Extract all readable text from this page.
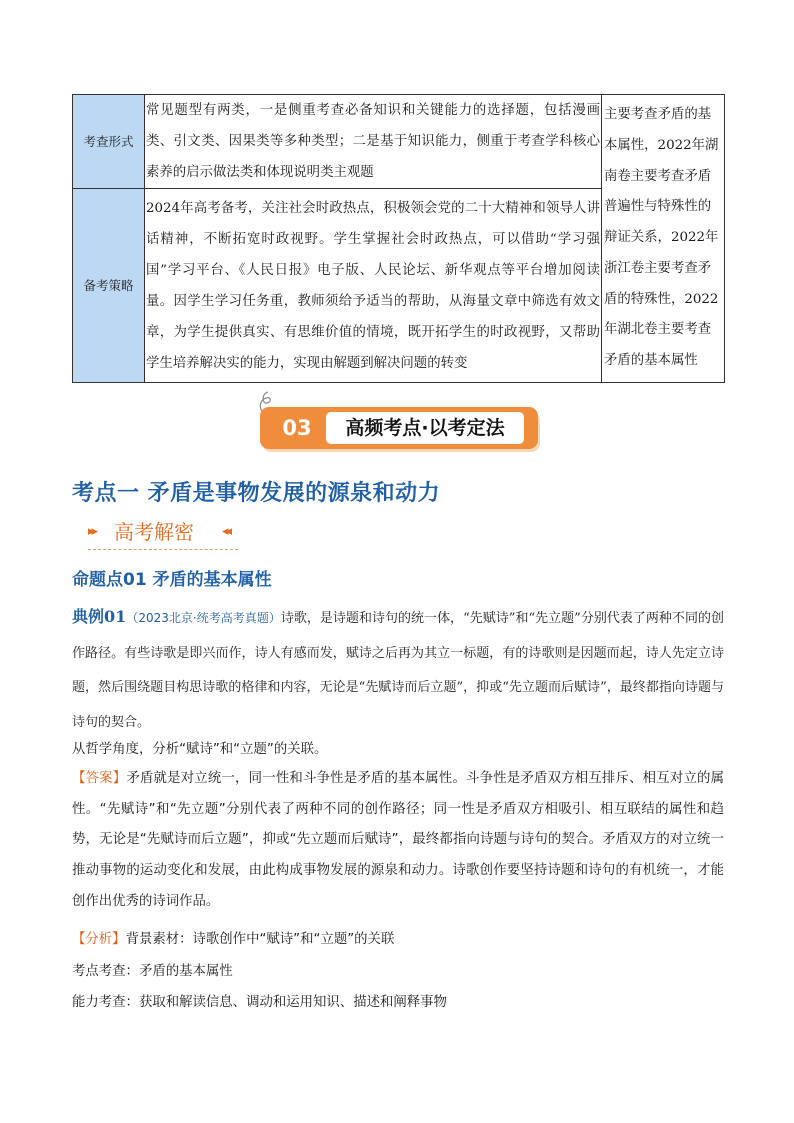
考查形式	常见题型有两类，一是侧重考查必备知识和关键能力的选择题，包括漫画类、引文类、因果类等多种类型；二是基于知识能力，侧重于考查学科核心素养的启示做法类和体现说明类主观题	主要考查矛盾的基本属性，2022年湖南卷主要考查矛盾普遍性与特殊性的辩证关系，2022年浙江卷主要考查矛盾的特殊性，2022年湖北卷主要考查矛盾的基本属性
备考策略	2024年高考备考，关注社会时政热点，积极领会党的二十大精神和领导人讲话精神，不断拓宽时政视野。学生掌握社会时政热点，可以借助“学习强国”学习平台、《人民日报》电子版、人民论坛、新华观点等平台增加阅读量。因学生学习任务重，教师须给予适当的帮助，从海量文章中筛选有效文章，为学生提供真实、有思维价值的情境，既开拓学生的时政视野，又帮助学生培养解决实的能力，实现由解题到解决问题的转变	
03	高频考点·以考定法
考点一 矛盾是事物发展的源泉和动力
▸▸ 高考解密 ◂◂
命题点01 矛盾的基本属性
典例01（2023北京·统考高考真题）诗歌，是诗题和诗句的统一体，“先赋诗”和“先立题”分别代表了两种不同的创作路径。有些诗歌是即兴而作，诗人有感而发，赋诗之后再为其立一标题，有的诗歌则是因题而起，诗人先定立诗题，然后围绕题目构思诗歌的格律和内容，无论是“先赋诗而后立题”，抑或“先立题而后赋诗”，最终都指向诗题与诗句的契合。
从哲学角度，分析“赋诗”和“立题”的关联。
【答案】矛盾就是对立统一，同一性和斗争性是矛盾的基本属性。斗争性是矛盾双方相互排斥、相互对立的属性。“先赋诗”和“先立题”分别代表了两种不同的创作路径；同一性是矛盾双方相吸引、相互联结的属性和趋势，无论是“先赋诗而后立题”，抑或“先立题而后赋诗”，最终都指向诗题与诗句的契合。矛盾双方的对立统一推动事物的运动变化和发展，由此构成事物发展的源泉和动力。诗歌创作要坚持诗题和诗句的有机统一，才能创作出优秀的诗词作品。
【分析】背景素材：诗歌创作中“赋诗”和“立题”的关联
考点考查：矛盾的基本属性
能力考查：获取和解读信息、调动和运用知识、描述和阐释事物
